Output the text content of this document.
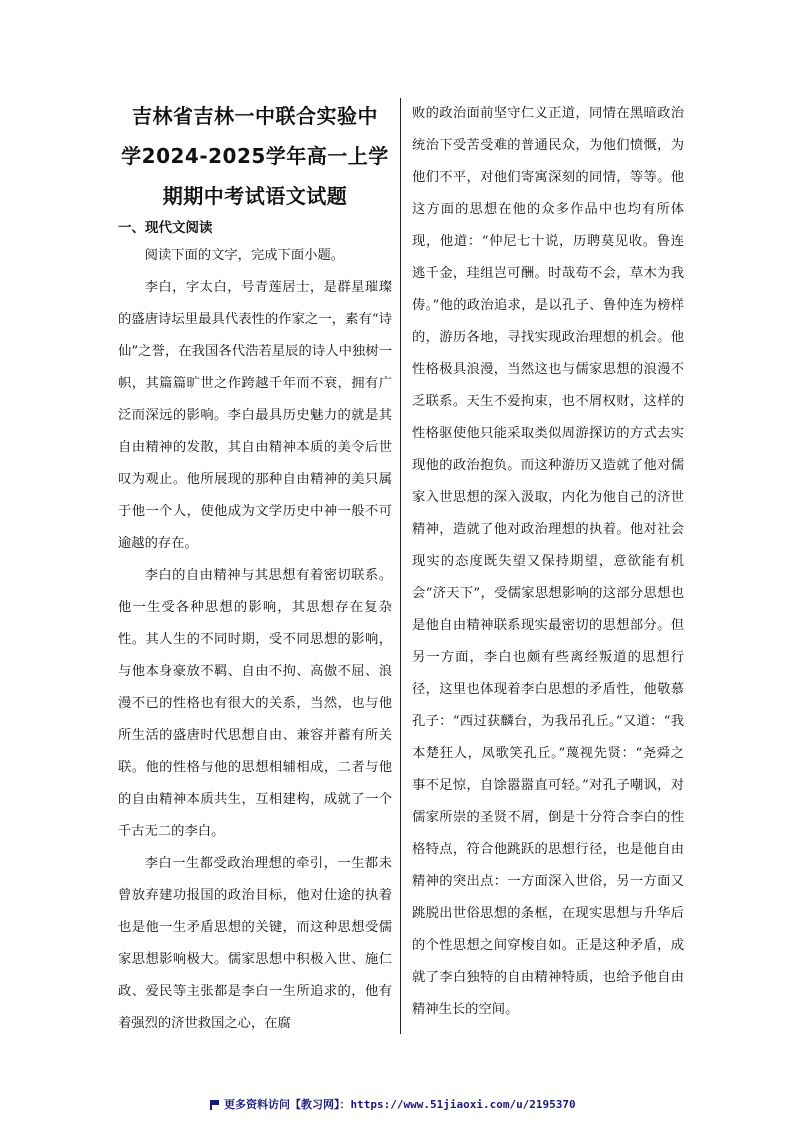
吉林省吉林一中联合实验中
学2024-2025学年高一上学
期期中考试语文试题
一、现代文阅读

阅读下面的文字，完成下面小题。

李白，字太白，号青莲居士，是群星璀璨的盛唐诗坛里最具代表性的作家之一，素有“诗仙”之誉，在我国各代浩若星辰的诗人中独树一帜，其篇篇旷世之作跨越千年而不衰，拥有广泛而深远的影响。李白最具历史魅力的就是其自由精神的发散，其自由精神本质的美令后世叹为观止。他所展现的那种自由精神的美只属于他一个人，使他成为文学历史中神一般不可逾越的存在。

李白的自由精神与其思想有着密切联系。他一生受各种思想的影响，其思想存在复杂性。其人生的不同时期，受不同思想的影响，与他本身豪放不羁、自由不拘、高傲不屈、浪漫不已的性格也有很大的关系，当然，也与他所生活的盛唐时代思想自由、兼容并蓄有所关联。他的性格与他的思想相辅相成，二者与他的自由精神本质共生，互相建构，成就了一个千古无二的李白。

李白一生都受政治理想的牵引，一生都未曾放弃建功报国的政治目标，他对仕途的执着也是他一生矛盾思想的关键，而这种思想受儒家思想影响极大。儒家思想中积极入世、施仁政、爱民等主张都是李白一生所追求的，他有着强烈的济世救国之心，在腐

败的政治面前坚守仁义正道，同情在黑暗政治统治下受苦受难的普通民众，为他们愤慨，为他们不平，对他们寄寓深刻的同情，等等。他这方面的思想在他的众多作品中也均有所体现，他道：“仲尼七十说，历聘莫见收。鲁连逃千金，珪组岂可酬。时哉苟不会，草木为我俦。”他的政治追求，是以孔子、鲁仲连为榜样的，游历各地，寻找实现政治理想的机会。他性格极具浪漫，当然这也与儒家思想的浪漫不乏联系。天生不爱拘束，也不屑权财，这样的性格驱使他只能采取类似周游探访的方式去实现他的政治抱负。而这种游历又造就了他对儒家入世思想的深入汲取，内化为他自己的济世精神，造就了他对政治理想的执着。他对社会现实的态度既失望又保持期望，意欲能有机会“济天下”，受儒家思想影响的这部分思想也是他自由精神联系现实最密切的思想部分。但另一方面，李白也颇有些离经叛道的思想行径，这里也体现着李白思想的矛盾性，他敬慕孔子：“西过获麟台，为我吊孔丘。”又道：“我本楚狂人，凤歌笑孔丘。”蔑视先贤：“尧舜之事不足惊，自馀嚣嚣直可轻。”对孔子嘲讽，对儒家所崇的圣贤不屑，倒是十分符合李白的性格特点，符合他跳跃的思想行径，也是他自由精神的突出点：一方面深入世俗，另一方面又跳脱出世俗思想的条框，在现实思想与升华后的个性思想之间穿梭自如。正是这种矛盾，成就了李白独特的自由精神特质，也给予他自由精神生长的空间。

更多资料访问【教习网】：https://www.51jiaoxi.com/u/2195370
